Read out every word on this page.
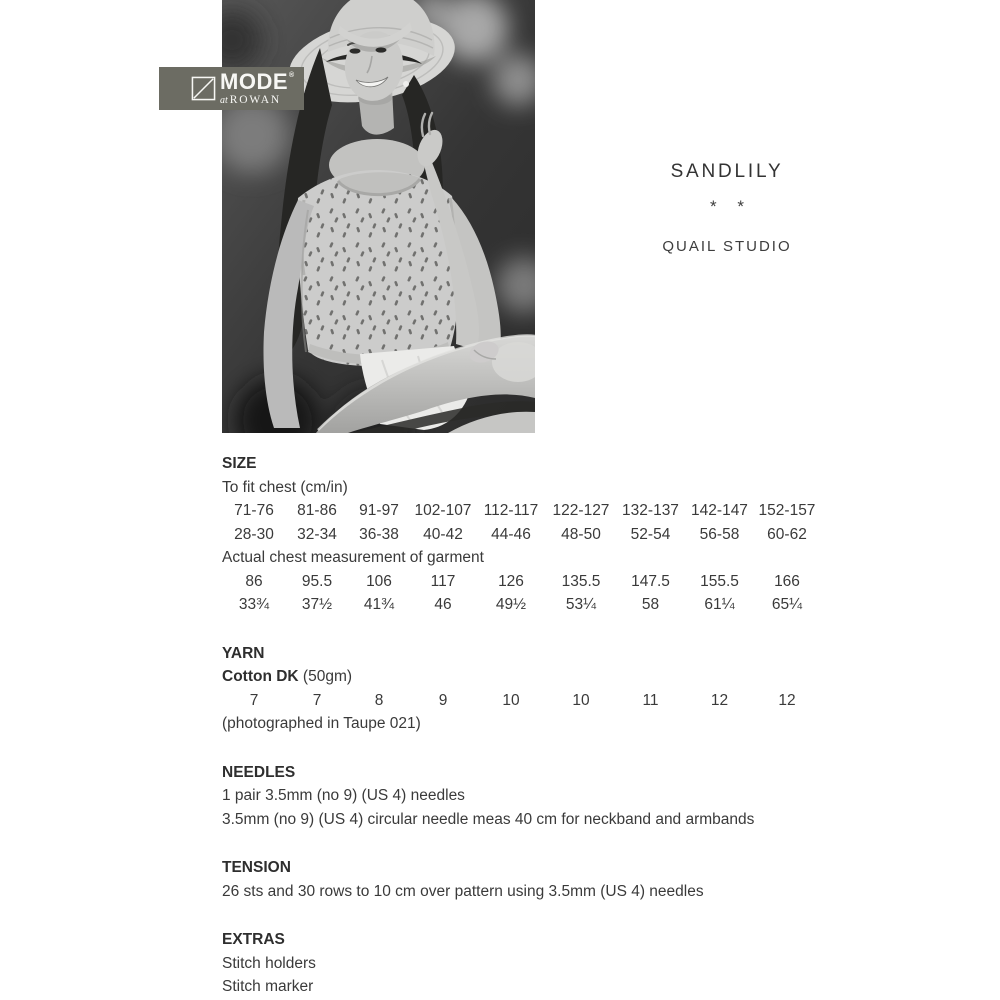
MODE®
at ROWAN
SANDLILY
* *
QUAIL STUDIO
SIZE
To fit chest (cm/in)
71-76	81-86	91-97	102-107 112-117 122-127 132-137 142-147 152-157
28-30	32-34	36-38	40-42	44-46	48-50	52-54	56-58	60-62
Actual chest measurement of garment
86	95.5	106	117	126	135.5	147.5	155.5	166
33¾	37½	41¾	46	49½	53¼	58	61¼	65¼
YARN
Cotton DK (50gm)
7	7	8	9	10	10	11	12	12
(photographed in Taupe 021)
NEEDLES
1 pair 3.5mm (no 9) (US 4) needles
3.5mm (no 9) (US 4) circular needle meas 40 cm for neckband and armbands
TENSION
26 sts and 30 rows to 10 cm over pattern using 3.5mm (US 4) needles
EXTRAS
Stitch holders
Stitch marker
